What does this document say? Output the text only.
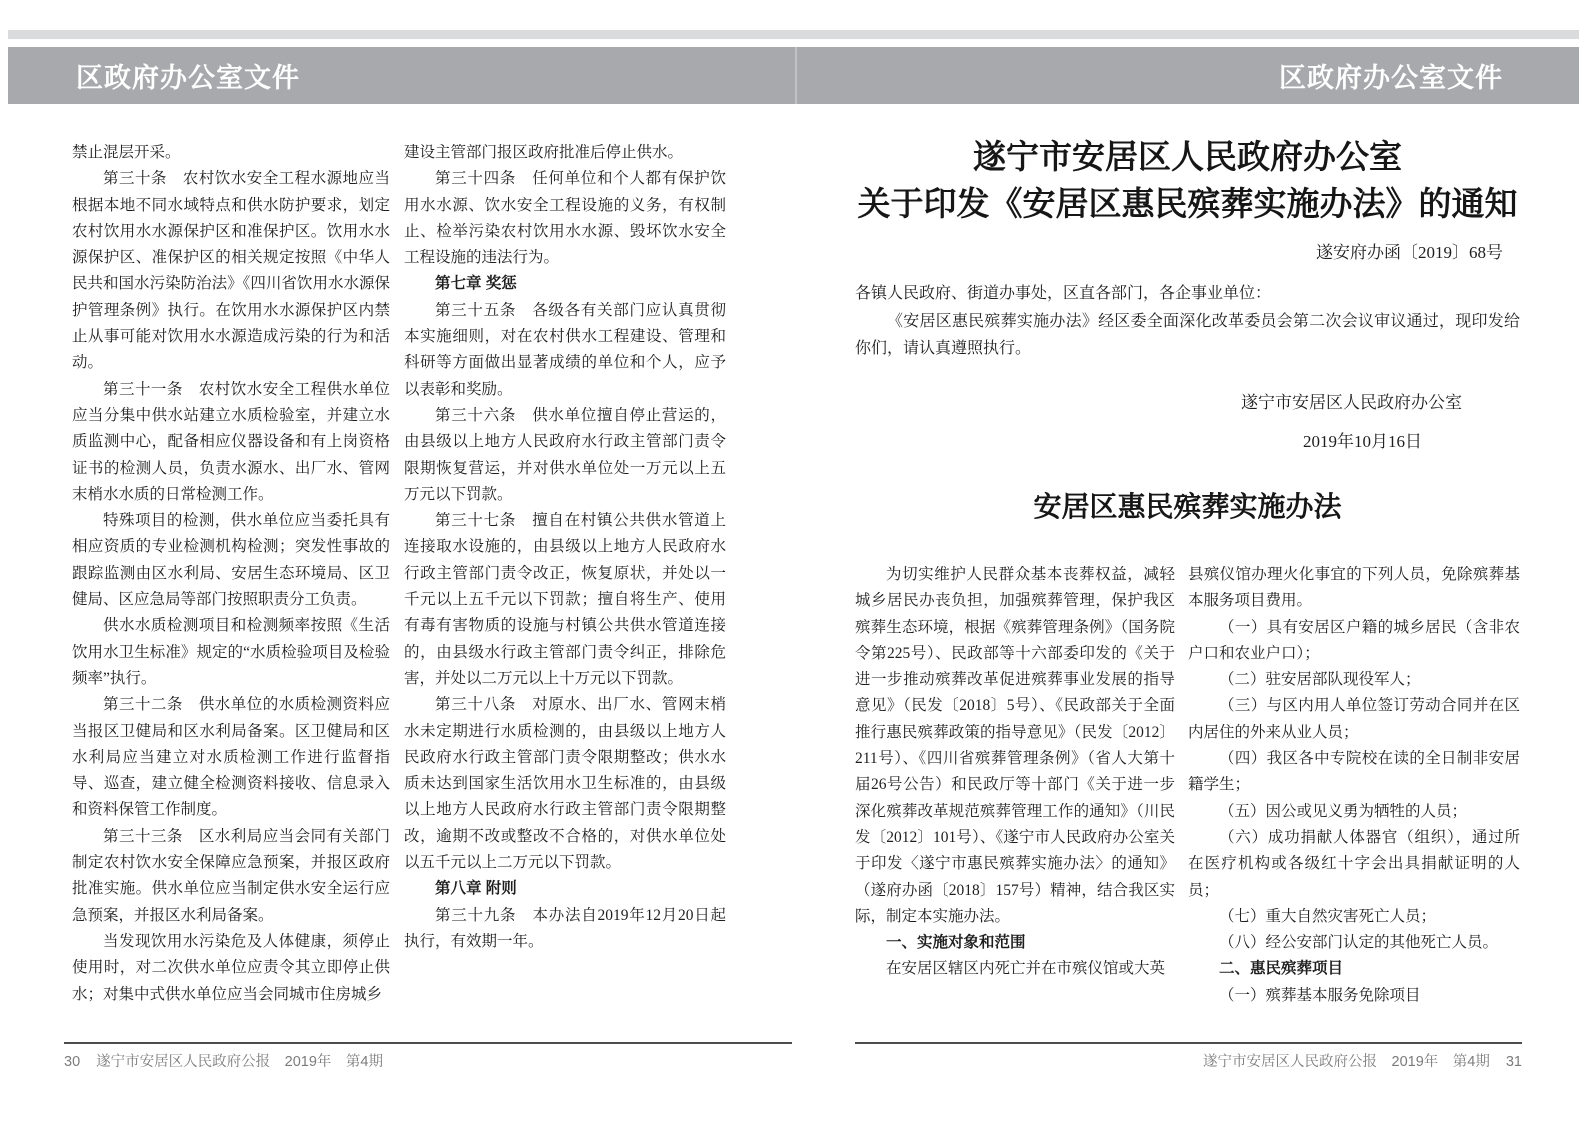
区政府办公室文件	区政府办公室文件

禁止混层开采。

第三十条　农村饮水安全工程水源地应当根据本地不同水域特点和供水防护要求，划定农村饮用水水源保护区和准保护区。饮用水水源保护区、准保护区的相关规定按照《中华人民共和国水污染防治法》《四川省饮用水水源保护管理条例》执行。在饮用水水源保护区内禁止从事可能对饮用水水源造成污染的行为和活动。

第三十一条　农村饮水安全工程供水单位应当分集中供水站建立水质检验室，并建立水质监测中心，配备相应仪器设备和有上岗资格证书的检测人员，负责水源水、出厂水、管网末梢水水质的日常检测工作。

特殊项目的检测，供水单位应当委托具有相应资质的专业检测机构检测；突发性事故的跟踪监测由区水利局、安居生态环境局、区卫健局、区应急局等部门按照职责分工负责。

供水水质检测项目和检测频率按照《生活饮用水卫生标准》规定的“水质检验项目及检验频率”执行。

第三十二条　供水单位的水质检测资料应当报区卫健局和区水利局备案。区卫健局和区水利局应当建立对水质检测工作进行监督指导、巡查，建立健全检测资料接收、信息录入和资料保管工作制度。

第三十三条　区水利局应当会同有关部门制定农村饮水安全保障应急预案，并报区政府批准实施。供水单位应当制定供水安全运行应急预案，并报区水利局备案。

当发现饮用水污染危及人体健康，须停止使用时，对二次供水单位应责令其立即停止供水；对集中式供水单位应当会同城市住房城乡

建设主管部门报区政府批准后停止供水。

第三十四条　任何单位和个人都有保护饮用水水源、饮水安全工程设施的义务，有权制止、检举污染农村饮用水水源、毁坏饮水安全工程设施的违法行为。

第七章 奖惩

第三十五条　各级各有关部门应认真贯彻本实施细则，对在农村供水工程建设、管理和科研等方面做出显著成绩的单位和个人，应予以表彰和奖励。

第三十六条　供水单位擅自停止营运的，由县级以上地方人民政府水行政主管部门责令限期恢复营运，并对供水单位处一万元以上五万元以下罚款。

第三十七条　擅自在村镇公共供水管道上连接取水设施的，由县级以上地方人民政府水行政主管部门责令改正，恢复原状，并处以一千元以上五千元以下罚款；擅自将生产、使用有毒有害物质的设施与村镇公共供水管道连接的，由县级水行政主管部门责令纠正，排除危害，并处以二万元以上十万元以下罚款。

第三十八条　对原水、出厂水、管网末梢水未定期进行水质检测的，由县级以上地方人民政府水行政主管部门责令限期整改；供水水质未达到国家生活饮用水卫生标准的，由县级以上地方人民政府水行政主管部门责令限期整改，逾期不改或整改不合格的，对供水单位处以五千元以上二万元以下罚款。

第八章 附则

第三十九条　本办法自2019年12月20日起执行，有效期一年。

遂宁市安居区人民政府办公室
关于印发《安居区惠民殡葬实施办法》的通知
遂安府办函〔2019〕68号

各镇人民政府、街道办事处，区直各部门，各企事业单位：

《安居区惠民殡葬实施办法》经区委全面深化改革委员会第二次会议审议通过，现印发给你们，请认真遵照执行。

遂宁市安居区人民政府办公室
2019年10月16日
安居区惠民殡葬实施办法

为切实维护人民群众基本丧葬权益，减轻城乡居民办丧负担，加强殡葬管理，保护我区殡葬生态环境，根据《殡葬管理条例》（国务院令第225号）、民政部等十六部委印发的《关于进一步推动殡葬改革促进殡葬事业发展的指导意见》（民发〔2018〕5号）、《民政部关于全面推行惠民殡葬政策的指导意见》（民发〔2012〕211号）、《四川省殡葬管理条例》（省人大第十届26号公告）和民政厅等十部门《关于进一步深化殡葬改革规范殡葬管理工作的通知》（川民发〔2012〕101号）、《遂宁市人民政府办公室关于印发〈遂宁市惠民殡葬实施办法〉的通知》（遂府办函〔2018〕157号）精神，结合我区实际，制定本实施办法。

一、实施对象和范围

在安居区辖区内死亡并在市殡仪馆或大英

县殡仪馆办理火化事宜的下列人员，免除殡葬基本服务项目费用。

（一）具有安居区户籍的城乡居民（含非农户口和农业户口）；

（二）驻安居部队现役军人；

（三）与区内用人单位签订劳动合同并在区内居住的外来从业人员；

（四）我区各中专院校在读的全日制非安居籍学生；

（五）因公或见义勇为牺牲的人员；

（六）成功捐献人体器官（组织），通过所在医疗机构或各级红十字会出具捐献证明的人员；

（七）重大自然灾害死亡人员；

（八）经公安部门认定的其他死亡人员。

二、惠民殡葬项目

（一）殡葬基本服务免除项目

30 遂宁市安居区人民政府公报　2019年　第4期	遂宁市安居区人民政府公报　2019年　第4期 31
